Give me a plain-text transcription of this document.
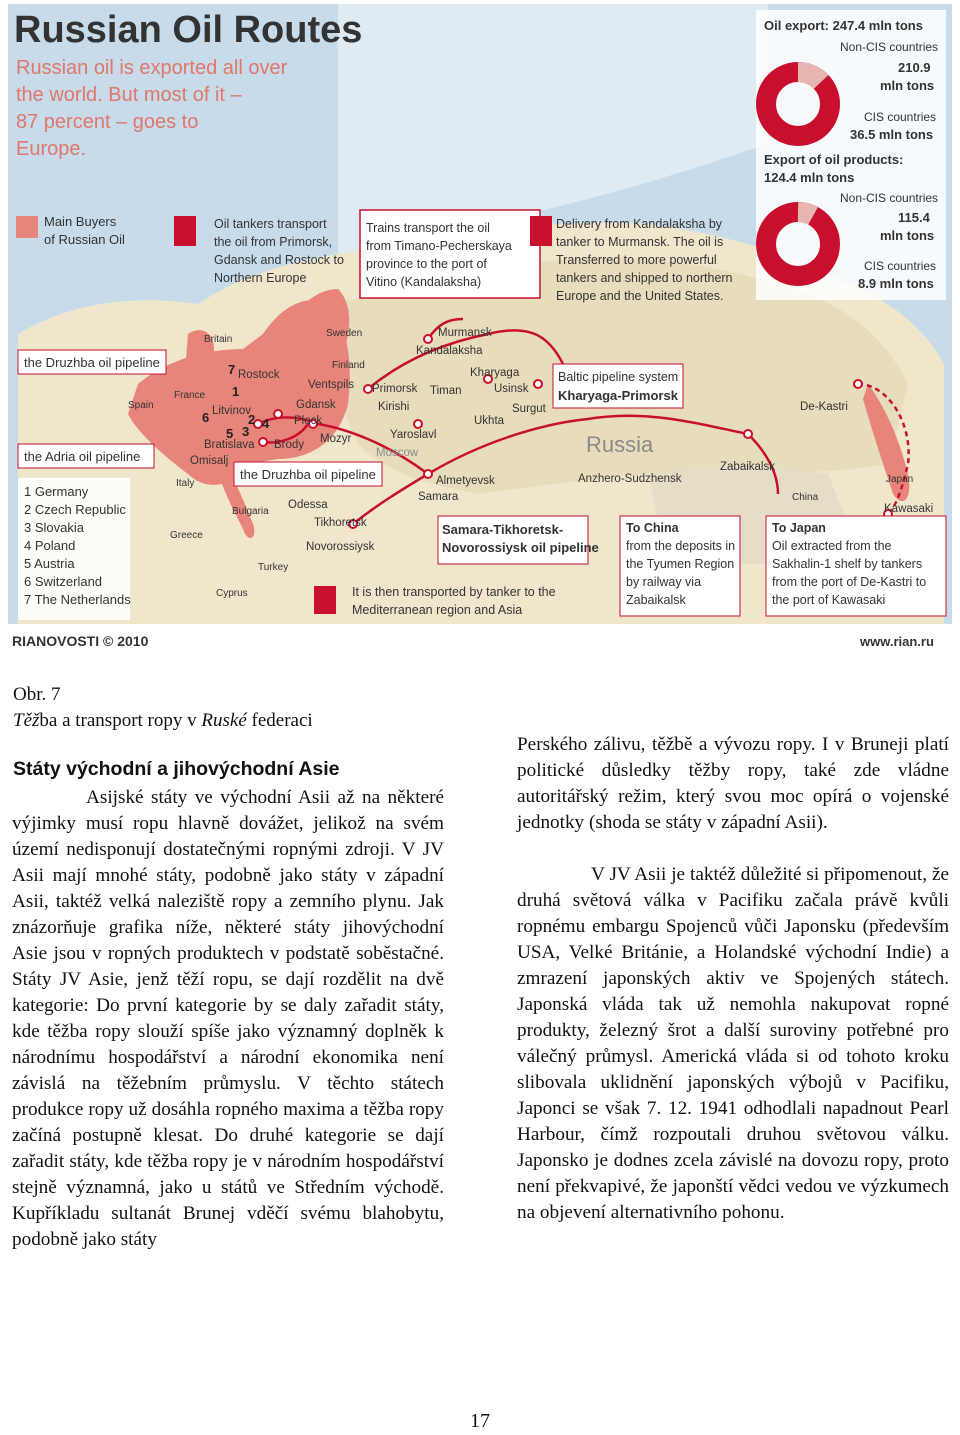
Russian Oil Routes
Russian oil is exported all over
the world. But most of it –
87 percent – goes to
Europe.
Oil export: 247.4 mln tons
Non-CIS countries
210.9
mln tons
CIS countries
36.5 mln tons
Export of oil products:
124.4 mln tons
Non-CIS countries
115.4
mln tons
CIS countries
8.9 mln tons
Main Buyers
of Russian Oil
Oil tankers transport
the oil from Primorsk,
Gdansk and Rostock to
Northern Europe
Trains transport the oil
from Timano-Pecherskaya
province to the port of
Vitino (Kandalaksha)
Delivery from Kandalaksha by
tanker to Murmansk. The oil is
Transferred to more powerful
tankers and shipped to northern
Europe and the United States.
the Druzhba oil pipeline
the Adria oil pipeline
the Druzhba oil pipeline
Baltic pipeline system
Kharyaga-Primorsk
Samara-Tikhoretsk-
Novorossiysk oil pipeline
To China
from the deposits in
the Tyumen Region
by railway via
Zabaikalsk
To Japan
Oil extracted from the
Sakhalin-1 shelf by tankers
from the port of De-Kastri to
the port of Kawasaki
It is then transported by tanker to the
Mediterranean region and Asia
Russia
1 Germany
2 Czech Republic
3 Slovakia
4 Poland
5 Austria
6 Switzerland
7 The Netherlands
7
1
6	2 4
5 3
Britain
Sweden
Finland
Murmansk
Kandalaksha
Kharyaga
Usinsk
Primorsk Timan
Kirishi
Ukhta
Surgut
Rostock
Ventspils
Gdansk
Plock
Litvinov
Mozyr
Brody
Bratislava
Omisalj
Yaroslavl
Moscow
Almetyevsk
Samara
Odessa
Tikhoretsk
Novorossiysk
France
Spain
Italy
Bulgaria
Greece
Turkey
Cyprus
Anzhero-Sudzhensk
Zabaikalsk
China
De-Kastri
Japan
Kawasaki
RIANOVOSTI © 2010	www.rian.ru
Obr. 7
Těžba a transport ropy v Ruské federaci
Státy východní a jihovýchodní Asie

Asijské státy ve východní Asii až na některé výjimky musí ropu hlavně dovážet, jelikož na svém území nedisponují dostatečnými ropnými zdroji. V JV Asii mají mnohé státy, podobně jako státy v západní Asii, taktéž velká naleziště ropy a zemního plynu. Jak znázorňuje grafika níže, některé státy jihovýchodní Asie jsou v ropných produktech v podstatě soběstačné. Státy JV Asie, jenž těží ropu, se dají rozdělit na dvě kategorie: Do první kategorie by se daly zařadit státy, kde těžba ropy slouží spíše jako významný doplněk k národnímu hospodářství a národní ekonomika není závislá na těžebním průmyslu. V těchto státech produkce ropy už dosáhla ropného maxima a těžba ropy začíná postupně klesat. Do druhé kategorie se dají zařadit státy, kde těžba ropy je v národním hospodářství stejně významná, jako u států ve Středním východě. Kupříkladu sultanát Brunej vděčí svému blahobytu, podobně jako státy

Perského zálivu, těžbě a vývozu ropy. I v Bruneji platí politické důsledky těžby ropy, také zde vládne autoritářský režim, který svou moc opírá o vojenské jednotky (shoda se státy v západní Asii).

V JV Asii je taktéž důležité si připomenout, že druhá světová válka v Pacifiku začala právě kvůli ropnému embargu Spojenců vůči Japonsku (především USA, Velké Británie, a Holandské východní Indie) a zmrazení japonských aktiv ve Spojených státech. Japonská vláda tak už nemohla nakupovat ropné produkty, železný šrot a další suroviny potřebné pro válečný průmysl. Americká vláda si od tohoto kroku slibovala uklidnění japonských výbojů v Pacifiku, Japonci se však 7. 12. 1941 odhodlali napadnout Pearl Harbour, čímž rozpoutali druhou světovou válku. Japonsko je dodnes zcela závislé na dovozu ropy, proto není překvapivé, že japonští vědci vedou ve výzkumech na objevení alternativního pohonu.

17
